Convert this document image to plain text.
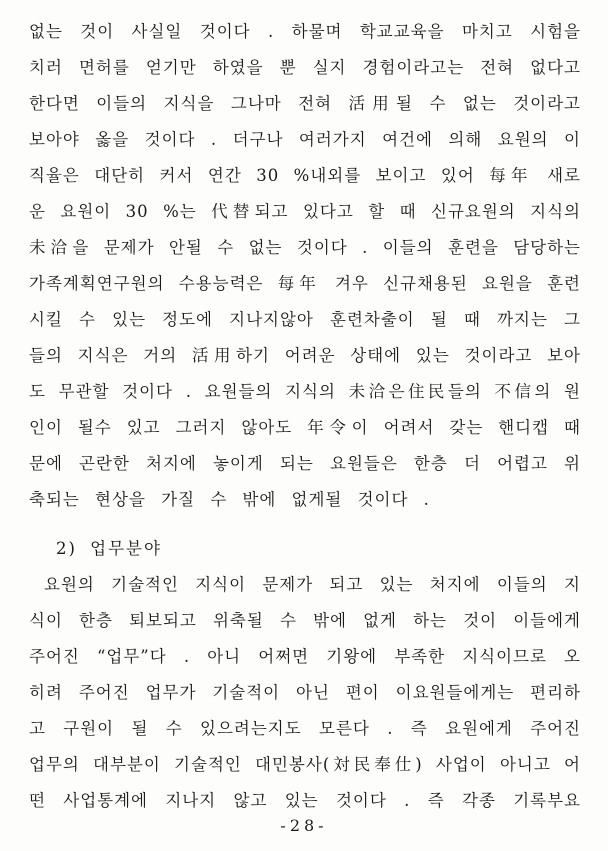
없는 것이 사실일 것이다 . 하물며 학교교육을 마치고 시험을

치러 면허를 얻기만 하였을 뿐 실지 경험이라고는 전혀 없다고

한다면 이들의 지식을 그나마 전혀 活用될 수 없는 것이라고

보아야 옳을 것이다 . 더구나 여러가지 여건에 의해 요원의 이

직율은 대단히 커서 연간 30 %내외를 보이고 있어 每年 새로

운 요원이 30 %는 代替되고 있다고 할 때 신규요원의 지식의

未洽을 문제가 안될 수 없는 것이다 . 이들의 훈련을 담당하는

가족계획연구원의 수용능력은 每年 겨우 신규채용된 요원을 훈련

시킬 수 있는 정도에 지나지않아 훈련차출이 될 때 까지는 그

들의 지식은 거의 活用하기 어려운 상태에 있는 것이라고 보아

도 무관할 것이다 . 요원들의 지식의 未洽은住民들의 不信의 원

인이 될수 있고 그러지 않아도 年令이 어려서 갖는 핸디캡 때

문에 곤란한 처지에 놓이게 되는 요원들은 한층 더 어렵고 위

축되는 현상을 가질 수 밖에 없게될 것이다 .

2) 업무분야

요원의 기술적인 지식이 문제가 되고 있는 처지에 이들의 지

식이 한층 퇴보되고 위축될 수 밖에 없게 하는 것이 이들에게

주어진 “업무”다 . 아니 어쩌면 기왕에 부족한 지식이므로 오

히려 주어진 업무가 기술적이 아닌 편이 이요원들에게는 편리하

고 구원이 될 수 있으려는지도 모른다 . 즉 요원에게 주어진

업무의 대부분이 기술적인 대민봉사(対民奉仕) 사업이 아니고 어

떤 사업통계에 지나지 않고 있는 것이다 . 즉 각종 기록부요

-28-
